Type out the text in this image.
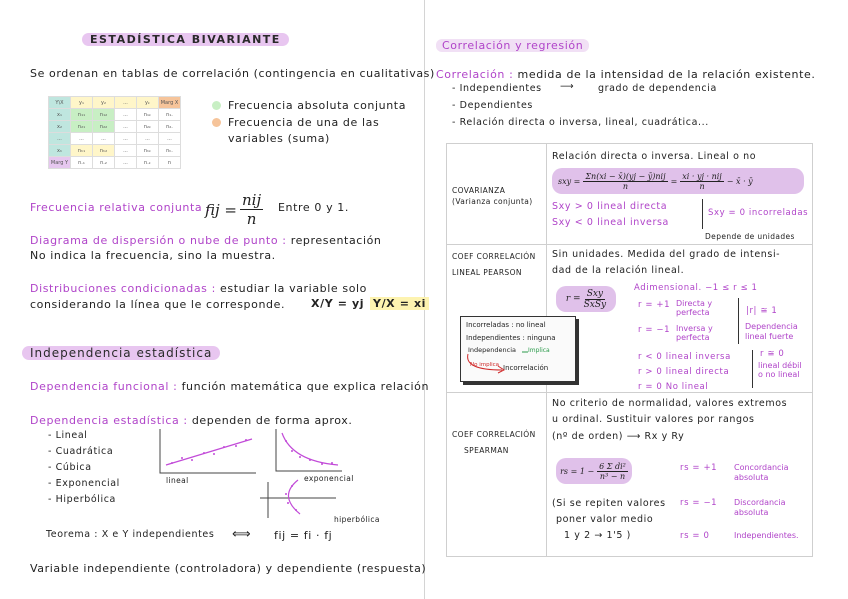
ESTADÍSTICA BIVARIANTE
Se ordenan en tablas de correlación (contingencia en cualitativas)
Y\X	y₁	y₂	...	yₖ	Marg X
x₁	n₁₁	n₁₂	...	n₁ₖ	n₁.
x₂	n₂₁	n₂₂	...	n₂ₖ	n₂.
...	...	...	...	...	...
xₕ	nₕ₁	nₕ₂	...	nₕₖ	nₕ.
Marg Y	n.₁	n.₂	...	n.ₖ	n
Frecuencia absoluta conjunta
Frecuencia de una de las
variables (suma)
Frecuencia relativa conjunta :
fij = $\frac{\text{nij}}{n}$ Entre 0 y 1.
Diagrama de dispersión o nube de punto : representación
No indica la frecuencia, sino la muestra.
Distribuciones condicionadas : estudiar la variable solo
considerando la línea que le corresponde. X/Y = yj Y/X = xi
Independencia estadística
Dependencia funcional : función matemática que explica relación
Dependencia estadística : dependen de forma aprox.
- Lineal
- Cuadrática
- Cúbica
- Exponencial
- Hiperbólica
lineal	exponencial
hiperbólica
Teorema : X e Y independientes ⟺ fij = fi · fj
Variable independiente (controladora) y dependiente (respuesta)
Correlación y regresión
Correlación : medida de la intensidad de la relación existente.
- Independientes ⟶	grado de dependencia
- Dependientes
- Relación directa o inversa, lineal, cuadrática...
COVARIANZA
(Varianza conjunta)
Relación directa o inversa. Lineal o no
sxy = $\frac{\text{Σn(xi − x̄)(yj − ȳ)nij}}{n} = \frac{\text{xi · yj · nij}}{n}$ − x̄ · ȳ
Sxy > 0 lineal directa
Sxy < 0 lineal inversa
Sxy = 0 incorreladas
Depende de unidades
COEF CORRELACIÓN
LINEAL PEARSON
Sin unidades. Medida del grado de intensi-
dad de la relación lineal.
$r = \frac{\text{Sxy}}{\text{SxSy}}$
Adimensional. −1 ≤ r ≤ 1
r = +1 Directa y perfecta
r = −1 Inversa y perfecta
|r| ≅ 1
Dependencia lineal fuerte
r < 0 lineal inversa
r > 0 lineal directa
r = 0 No lineal
r ≅ 0
lineal débil o no lineal
Incorreladas : no lineal
Independientes : ninguna
Independencia Implica
No implica Incorrelación
COEF CORRELACIÓN
SPEARMAN
No criterio de normalidad, valores extremos
u ordinal. Sustituir valores por rangos
(nº de orden) ⟶ Rx y Ry
rs = $1 - \frac{\text{6 Σ di²}}{\text{n³ − n}}$
(Si se repiten valores
poner valor medio
1 y 2 → 1'5 )
rs = +1 Concordancia absoluta
rs = −1 Discordancia absoluta
rs = 0	Independientes.
